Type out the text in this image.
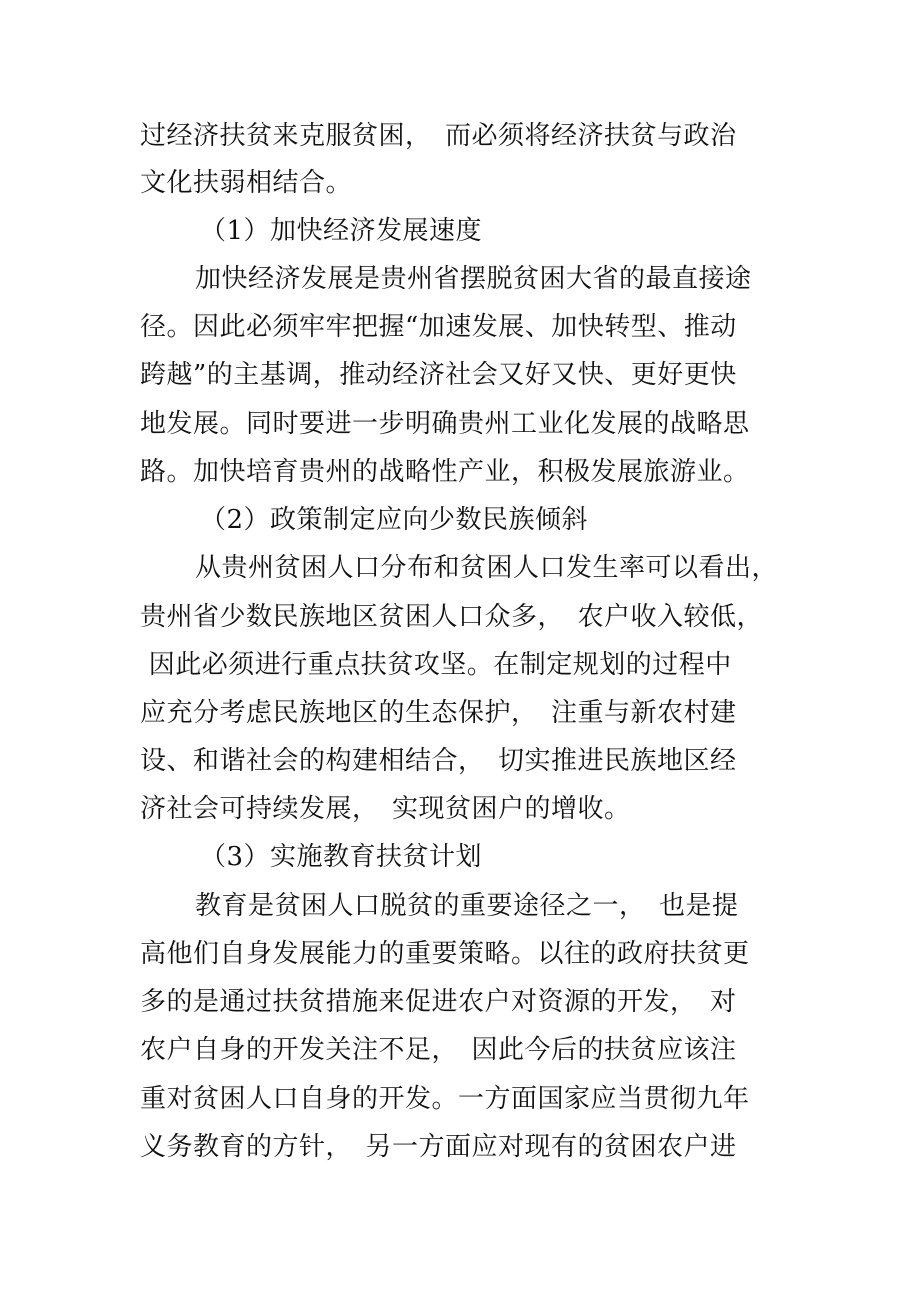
过经济扶贫来克服贫困，　而必须将经济扶贫与政治
文化扶弱相结合。
（1）加快经济发展速度
加快经济发展是贵州省摆脱贫困大省的最直接途
径。因此必须牢牢把握“加速发展、加快转型、推动
跨越”的主基调，推动经济社会又好又快、更好更快
地发展。同时要进一步明确贵州工业化发展的战略思
路。加快培育贵州的战略性产业，积极发展旅游业。
（2）政策制定应向少数民族倾斜
从贵州贫困人口分布和贫困人口发生率可以看出，
贵州省少数民族地区贫困人口众多，　农户收入较低，
因此必须进行重点扶贫攻坚。在制定规划的过程中
应充分考虑民族地区的生态保护，　注重与新农村建
设、和谐社会的构建相结合，　切实推进民族地区经
济社会可持续发展，　实现贫困户的增收。
（3）实施教育扶贫计划
教育是贫困人口脱贫的重要途径之一，　也是提
高他们自身发展能力的重要策略。以往的政府扶贫更
多的是通过扶贫措施来促进农户对资源的开发，　对
农户自身的开发关注不足，　因此今后的扶贫应该注
重对贫困人口自身的开发。一方面国家应当贯彻九年
义务教育的方针，　另一方面应对现有的贫困农户进
